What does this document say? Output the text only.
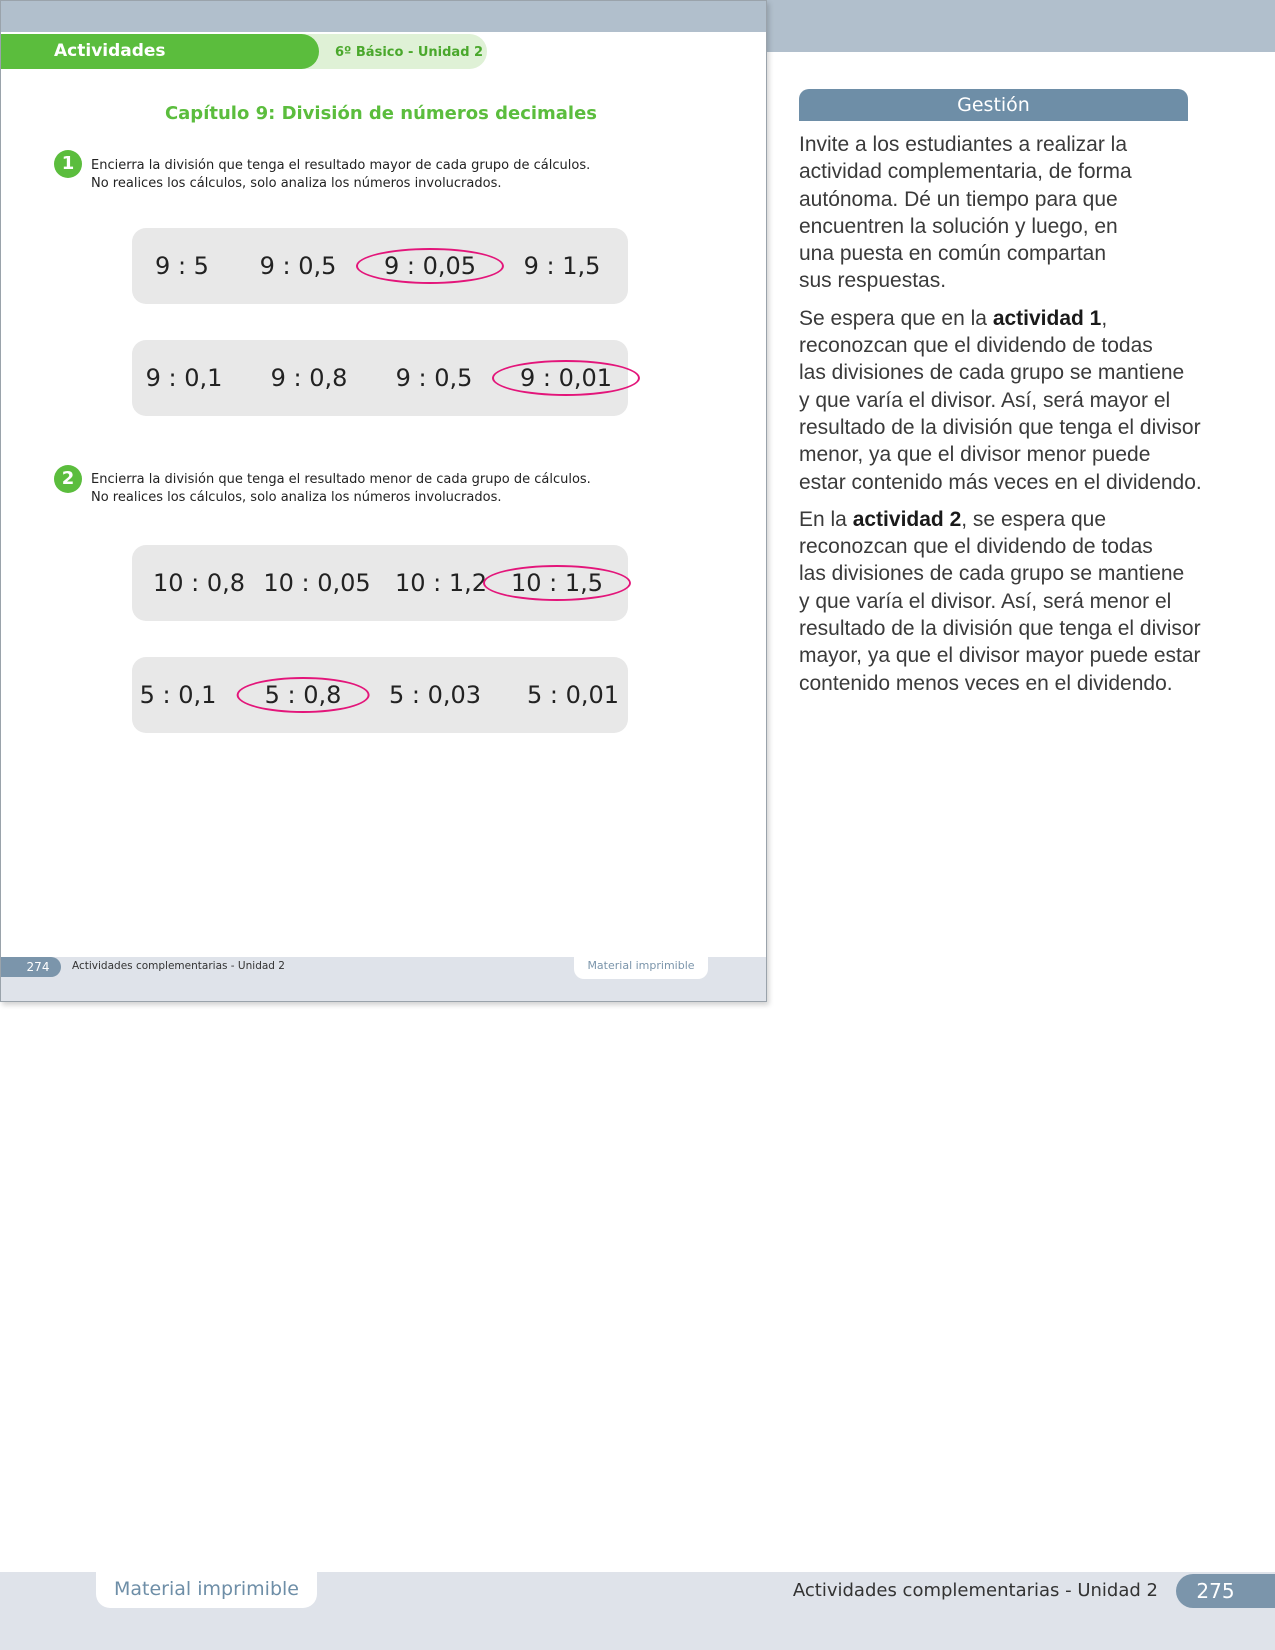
6º Básico - Unidad 2
Actividades complementarias
Capítulo 9: División de números decimales
1	Encierra la división que tenga el resultado mayor de cada grupo de cálculos.
No realices los cálculos, solo analiza los números involucrados.
9 : 5 9 : 0,5 9 : 0,05 9 : 1,5
9 : 0,1 9 : 0,8 9 : 0,5 9 : 0,01
2	Encierra la división que tenga el resultado menor de cada grupo de cálculos.
No realices los cálculos, solo analiza los números involucrados.
10 : 0,8 10 : 0,05 10 : 1,2 10 : 1,5
5 : 0,1 5 : 0,8 5 : 0,03 5 : 0,01
274	Actividades complementarias - Unidad 2	Material imprimible
Gestión

Invite a los estudiantes a realizar la
actividad complementaria, de forma
autónoma. Dé un tiempo para que
encuentren la solución y luego, en
una puesta en común compartan
sus respuestas.

Se espera que en la actividad 1,
reconozcan que el dividendo de todas
las divisiones de cada grupo se mantiene
y que varía el divisor. Así, será mayor el
resultado de la división que tenga el divisor
menor, ya que el divisor menor puede
estar contenido más veces en el dividendo.

En la actividad 2, se espera que
reconozcan que el dividendo de todas
las divisiones de cada grupo se mantiene
y que varía el divisor. Así, será menor el
resultado de la división que tenga el divisor
mayor, ya que el divisor mayor puede estar
contenido menos veces en el dividendo.

Material imprimible	Actividades complementarias - Unidad 2	275
